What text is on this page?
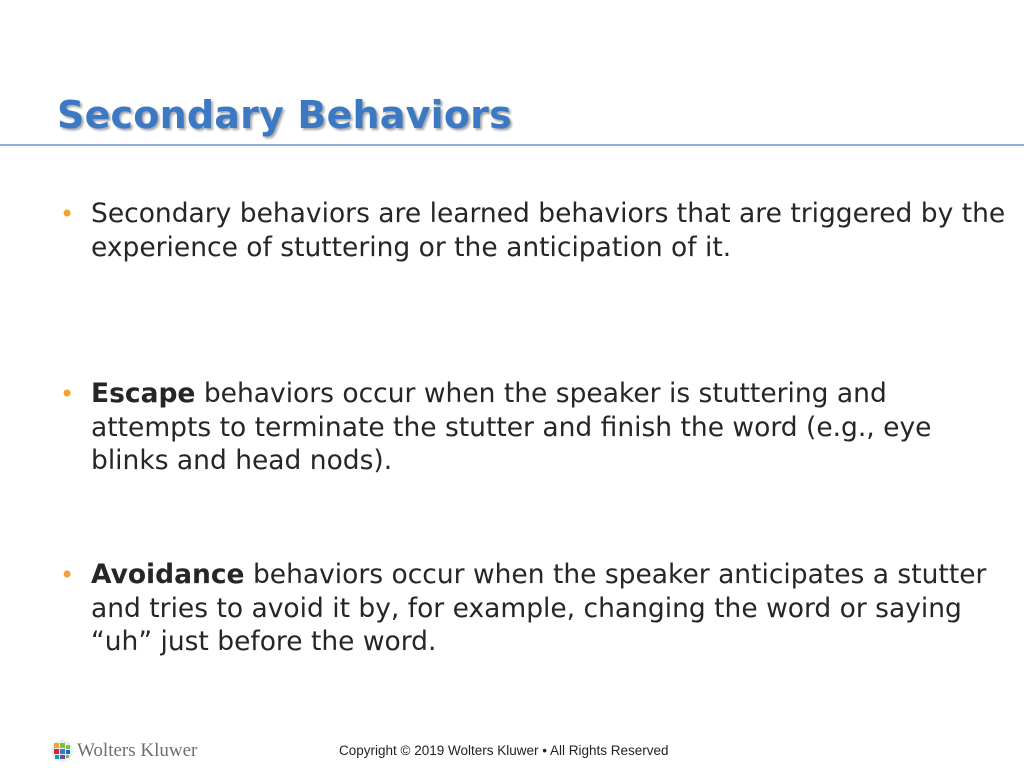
Secondary Behaviors
• Secondary behaviors are learned behaviors that are triggered by the experience of stuttering or the anticipation of it.
• Escape behaviors occur when the speaker is stuttering and attempts to terminate the stutter and finish the word (e.g., eye blinks and head nods).
• Avoidance behaviors occur when the speaker anticipates a stutter and tries to avoid it by, for example, changing the word or saying “uh” just before the word.
Wolters Kluwer	Copyright © 2019 Wolters Kluwer • All Rights Reserved
